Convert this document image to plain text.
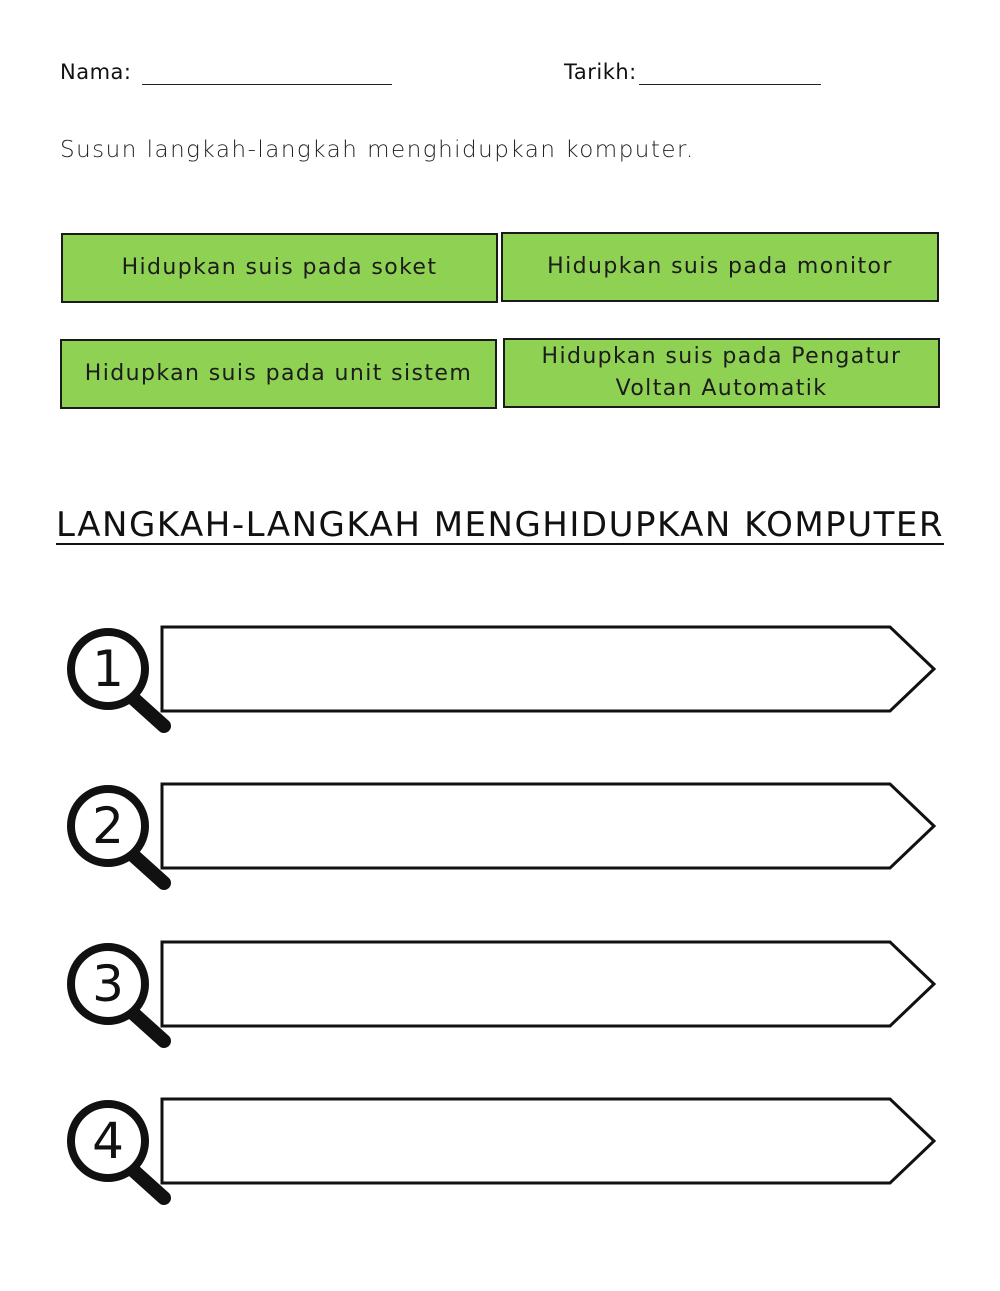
Nama:	Tarikh:
Susun langkah-langkah menghidupkan komputer.
Hidupkan suis pada soket	Hidupkan suis pada monitor
Hidupkan suis pada unit sistem
Hidupkan suis pada Pengatur Voltan Automatik
LANGKAH-LANGKAH MENGHIDUPKAN KOMPUTER
1
2
3
4
